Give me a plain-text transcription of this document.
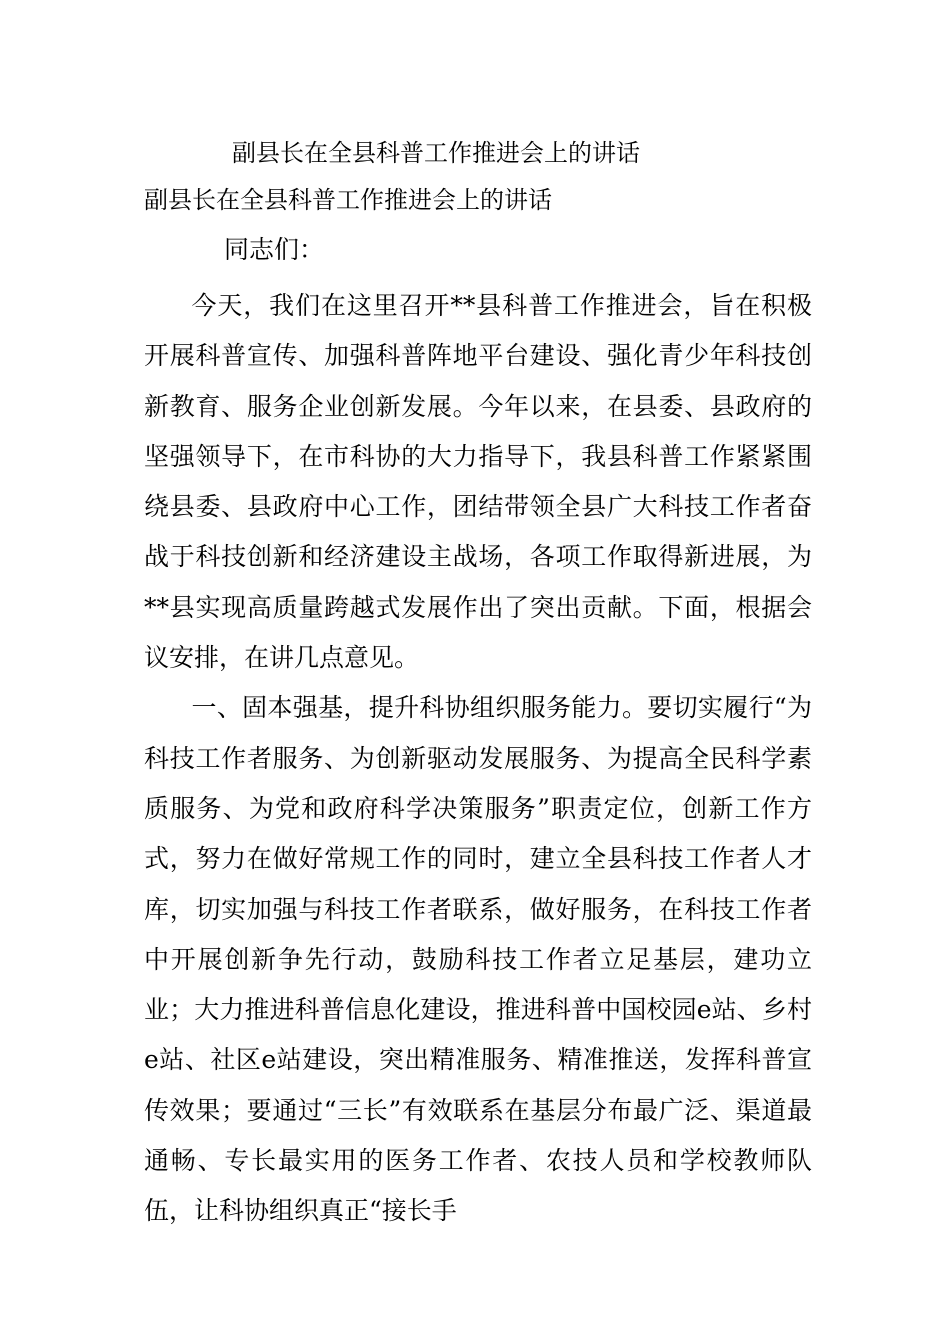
副县长在全县科普工作推进会上的讲话
副县长在全县科普工作推进会上的讲话
同志们：

今天，我们在这里召开**县科普工作推进会，旨在积极开展科普宣传、加强科普阵地平台建设、强化青少年科技创新教育、服务企业创新发展。今年以来，在县委、县政府的坚强领导下，在市科协的大力指导下，我县科普工作紧紧围绕县委、县政府中心工作，团结带领全县广大科技工作者奋战于科技创新和经济建设主战场，各项工作取得新进展，为**县实现高质量跨越式发展作出了突出贡献。下面，根据会议安排，在讲几点意见。

一、固本强基，提升科协组织服务能力。要切实履行“为科技工作者服务、为创新驱动发展服务、为提高全民科学素质服务、为党和政府科学决策服务”职责定位，创新工作方式，努力在做好常规工作的同时，建立全县科技工作者人才库，切实加强与科技工作者联系，做好服务，在科技工作者中开展创新争先行动，鼓励科技工作者立足基层，建功立业；大力推进科普信息化建设，推进科普中国校园e站、乡村e站、社区e站建设，突出精准服务、精准推送，发挥科普宣传效果；要通过“三长”有效联系在基层分布最广泛、渠道最通畅、专长最实用的医务工作者、农技人员和学校教师队伍，让科协组织真正“接长手
